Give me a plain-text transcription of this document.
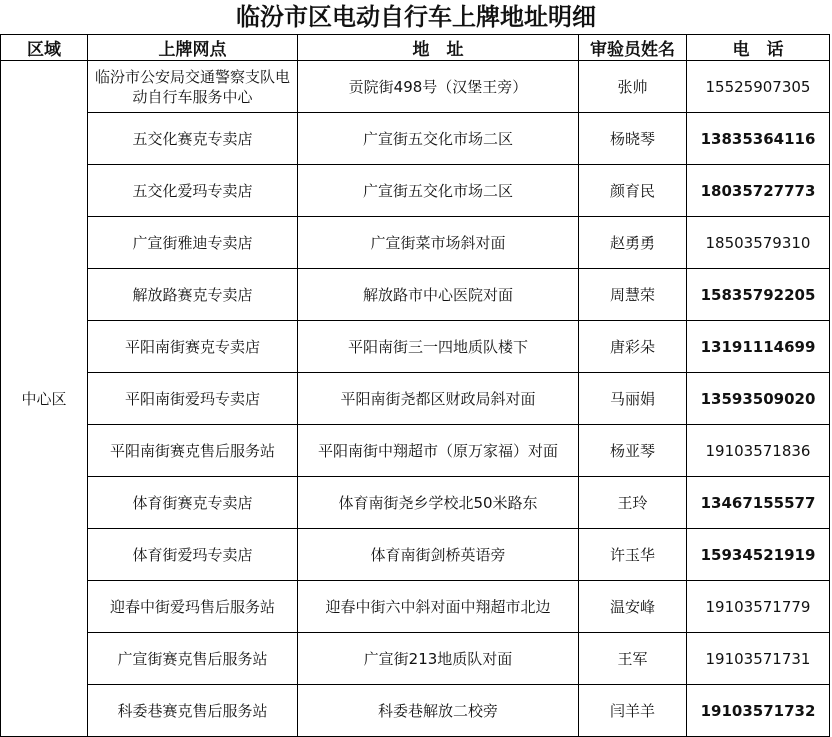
临汾市区电动自行车上牌地址明细
区域	上牌网点	地　址	审验员姓名	电　话
中心区	临汾市公安局交通警察支队电动自行车服务中心	贡院街498号（汉堡王旁）	张帅	15525907305
	五交化赛克专卖店	广宣街五交化市场二区	杨晓琴	13835364116
	五交化爱玛专卖店	广宣街五交化市场二区	颜育民	18035727773
	广宣街雅迪专卖店	广宣街菜市场斜对面	赵勇勇	18503579310
	解放路赛克专卖店	解放路市中心医院对面	周慧荣	15835792205
	平阳南街赛克专卖店	平阳南街三一四地质队楼下	唐彩朵	13191114699
	平阳南街爱玛专卖店	平阳南街尧都区财政局斜对面	马丽娟	13593509020
	平阳南街赛克售后服务站	平阳南街中翔超市（原万家福）对面	杨亚琴	19103571836
	体育街赛克专卖店	体育南街尧乡学校北50米路东	王玲	13467155577
	体育街爱玛专卖店	体育南街剑桥英语旁	许玉华	15934521919
	迎春中街爱玛售后服务站	迎春中街六中斜对面中翔超市北边	温安峰	19103571779
	广宣街赛克售后服务站	广宣街213地质队对面	王军	19103571731
	科委巷赛克售后服务站	科委巷解放二校旁	闫羊羊	19103571732
